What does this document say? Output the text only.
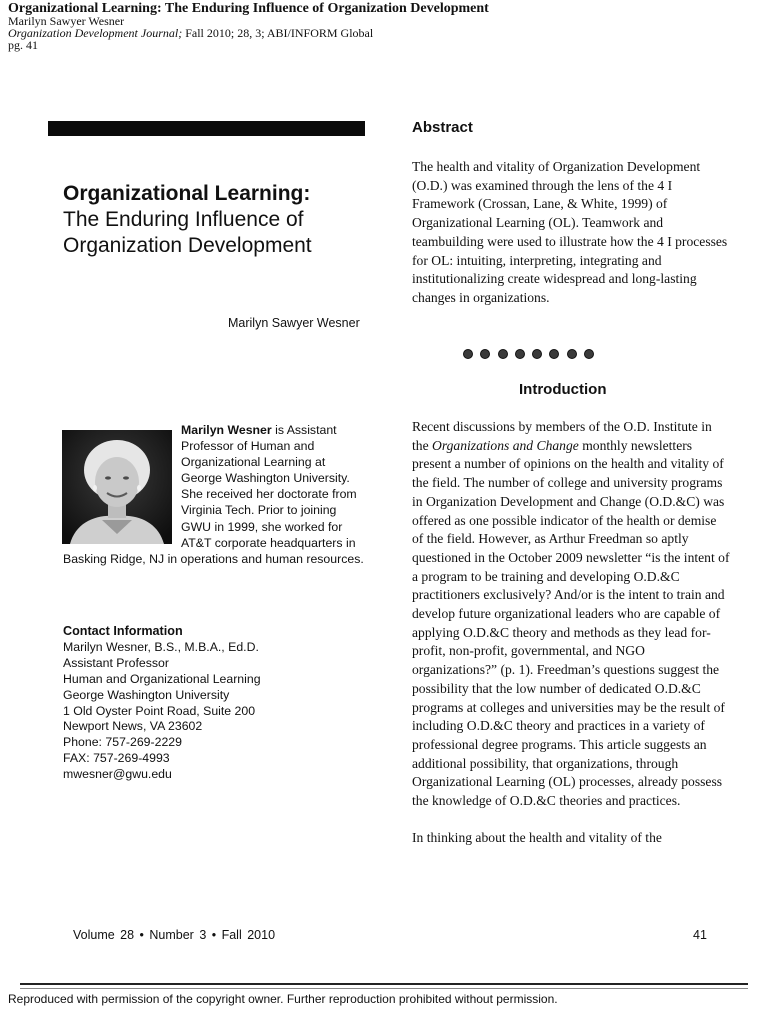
Organizational Learning: The Enduring Influence of Organization Development
Marilyn Sawyer Wesner
Organization Development Journal; Fall 2010; 28, 3; ABI/INFORM Global
pg. 41
Organizational Learning:
The Enduring Influence of
Organization Development
Marilyn Sawyer Wesner
Marilyn Wesner is Assistant Professor of Human and Organizational Learning at George Washington University. She received her doctorate from Virginia Tech. Prior to joining GWU in 1999, she worked for AT&T corporate headquarters in Basking Ridge, NJ in operations and human resources.
Contact Information
Marilyn Wesner, B.S., M.B.A., Ed.D.
Assistant Professor
Human and Organizational Learning
George Washington University
1 Old Oyster Point Road, Suite 200
Newport News, VA 23602
Phone: 757-269-2229
FAX: 757-269-4993
mwesner@gwu.edu
Abstract
The health and vitality of Organization Development (O.D.) was examined through the lens of the 4 I Framework (Crossan, Lane, & White, 1999) of Organizational Learning (OL). Teamwork and teambuilding were used to illustrate how the 4 I processes for OL: intuiting, interpreting, integrating and institutionalizing create widespread and long-lasting changes in organizations.
Introduction

Recent discussions by members of the O.D. Institute in the Organizations and Change monthly newsletters present a number of opinions on the health and vitality of the field. The number of college and university programs in Organization Development and Change (O.D.&C) was offered as one possible indicator of the health or demise of the field. However, as Arthur Freedman so aptly questioned in the October 2009 newsletter “is the intent of a program to be training and developing O.D.&C practitioners exclusively? And/or is the intent to train and develop future organizational leaders who are capable of applying O.D.&C theory and methods as they lead for-profit, non-profit, governmental, and NGO organizations?” (p. 1). Freedman’s questions suggest the possibility that the low number of dedicated O.D.&C programs at colleges and universities may be the result of including O.D.&C theory and practices in a variety of professional degree programs. This article suggests an additional possibility, that organizations, through Organizational Learning (OL) processes, already possess the knowledge of O.D.&C theories and practices.

In thinking about the health and vitality of the

Volume 28 • Number 3 • Fall 2010	41
Reproduced with permission of the copyright owner. Further reproduction prohibited without permission.
